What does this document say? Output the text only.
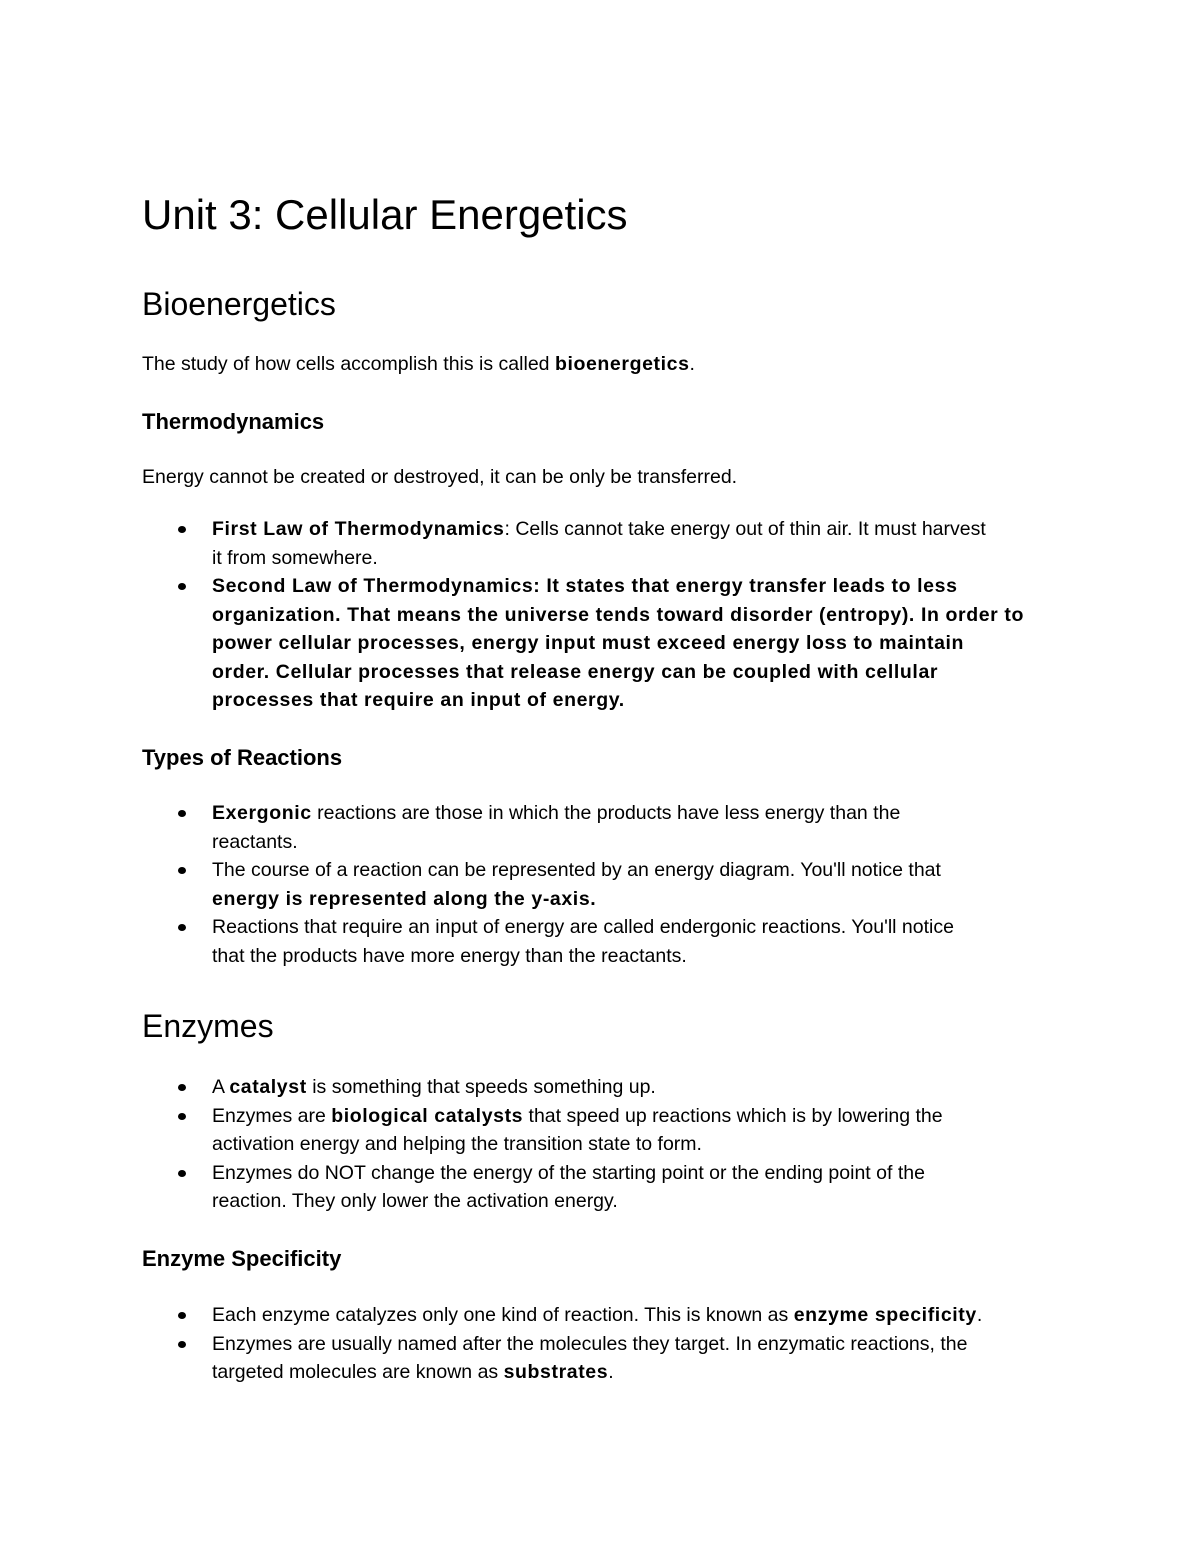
Unit 3: Cellular Energetics
Bioenergetics

The study of how cells accomplish this is called bioenergetics.

Thermodynamics

Energy cannot be created or destroyed, it can be only be transferred.

First Law of Thermodynamics: Cells cannot take energy out of thin air. It must harvest
it from somewhere.
Second Law of Thermodynamics: It states that energy transfer leads to less
organization. That means the universe tends toward disorder (entropy). In order to
power cellular processes, energy input must exceed energy loss to maintain
order. Cellular processes that release energy can be coupled with cellular
processes that require an input of energy.
Types of Reactions
Exergonic reactions are those in which the products have less energy than the
reactants.
The course of a reaction can be represented by an energy diagram. You'll notice that
energy is represented along the y-axis.
Reactions that require an input of energy are called endergonic reactions. You'll notice
that the products have more energy than the reactants.
Enzymes
A catalyst is something that speeds something up.
Enzymes are biological catalysts that speed up reactions which is by lowering the
activation energy and helping the transition state to form.
Enzymes do NOT change the energy of the starting point or the ending point of the
reaction. They only lower the activation energy.
Enzyme Specificity
Each enzyme catalyzes only one kind of reaction. This is known as enzyme specificity.
Enzymes are usually named after the molecules they target. In enzymatic reactions, the
targeted molecules are known as substrates.
